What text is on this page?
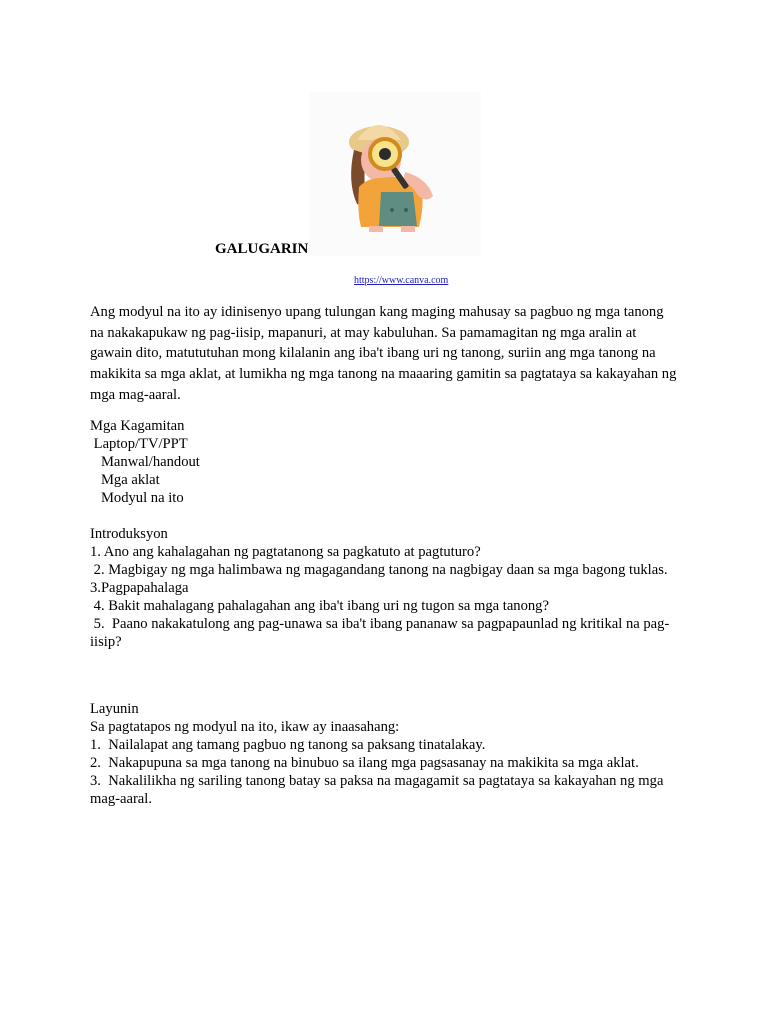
GALUGARIN
https://www.canva.com
Ang modyul na ito ay idinisenyo upang tulungan kang maging mahusay sa pagbuo ng mga tanong na nakakapukaw ng pag-iisip, mapanuri, at may kabuluhan. Sa pamamagitan ng mga aralin at gawain dito, matututuhan mong kilalanin ang iba't ibang uri ng tanong, suriin ang mga tanong na makikita sa mga aklat, at lumikha ng mga tanong na maaaring gamitin sa pagtataya sa kakayahan ng mga mag-aaral.
Mga Kagamitan
Laptop/TV/PPT
Manwal/handout
Mga aklat
Modyul na ito
Introduksyon
1. Ano ang kahalagahan ng pagtatanong sa pagkatuto at pagtuturo?
2. Magbigay ng mga halimbawa ng magagandang tanong na nagbigay daan sa mga bagong tuklas.
3.Pagpapahalaga
4. Bakit mahalagang pahalagahan ang iba't ibang uri ng tugon sa mga tanong?
5.  Paano nakakatulong ang pag-unawa sa iba't ibang pananaw sa pagpapaunlad ng kritikal na pag-iisip?
Layunin
Sa pagtatapos ng modyul na ito, ikaw ay inaasahang:
1.  Nailalapat ang tamang pagbuo ng tanong sa paksang tinatalakay.
2.  Nakapupuna sa mga tanong na binubuo sa ilang mga pagsasanay na makikita sa mga aklat.
3.  Nakalilikha ng sariling tanong batay sa paksa na magagamit sa pagtataya sa kakayahan ng mga mag-aaral.
